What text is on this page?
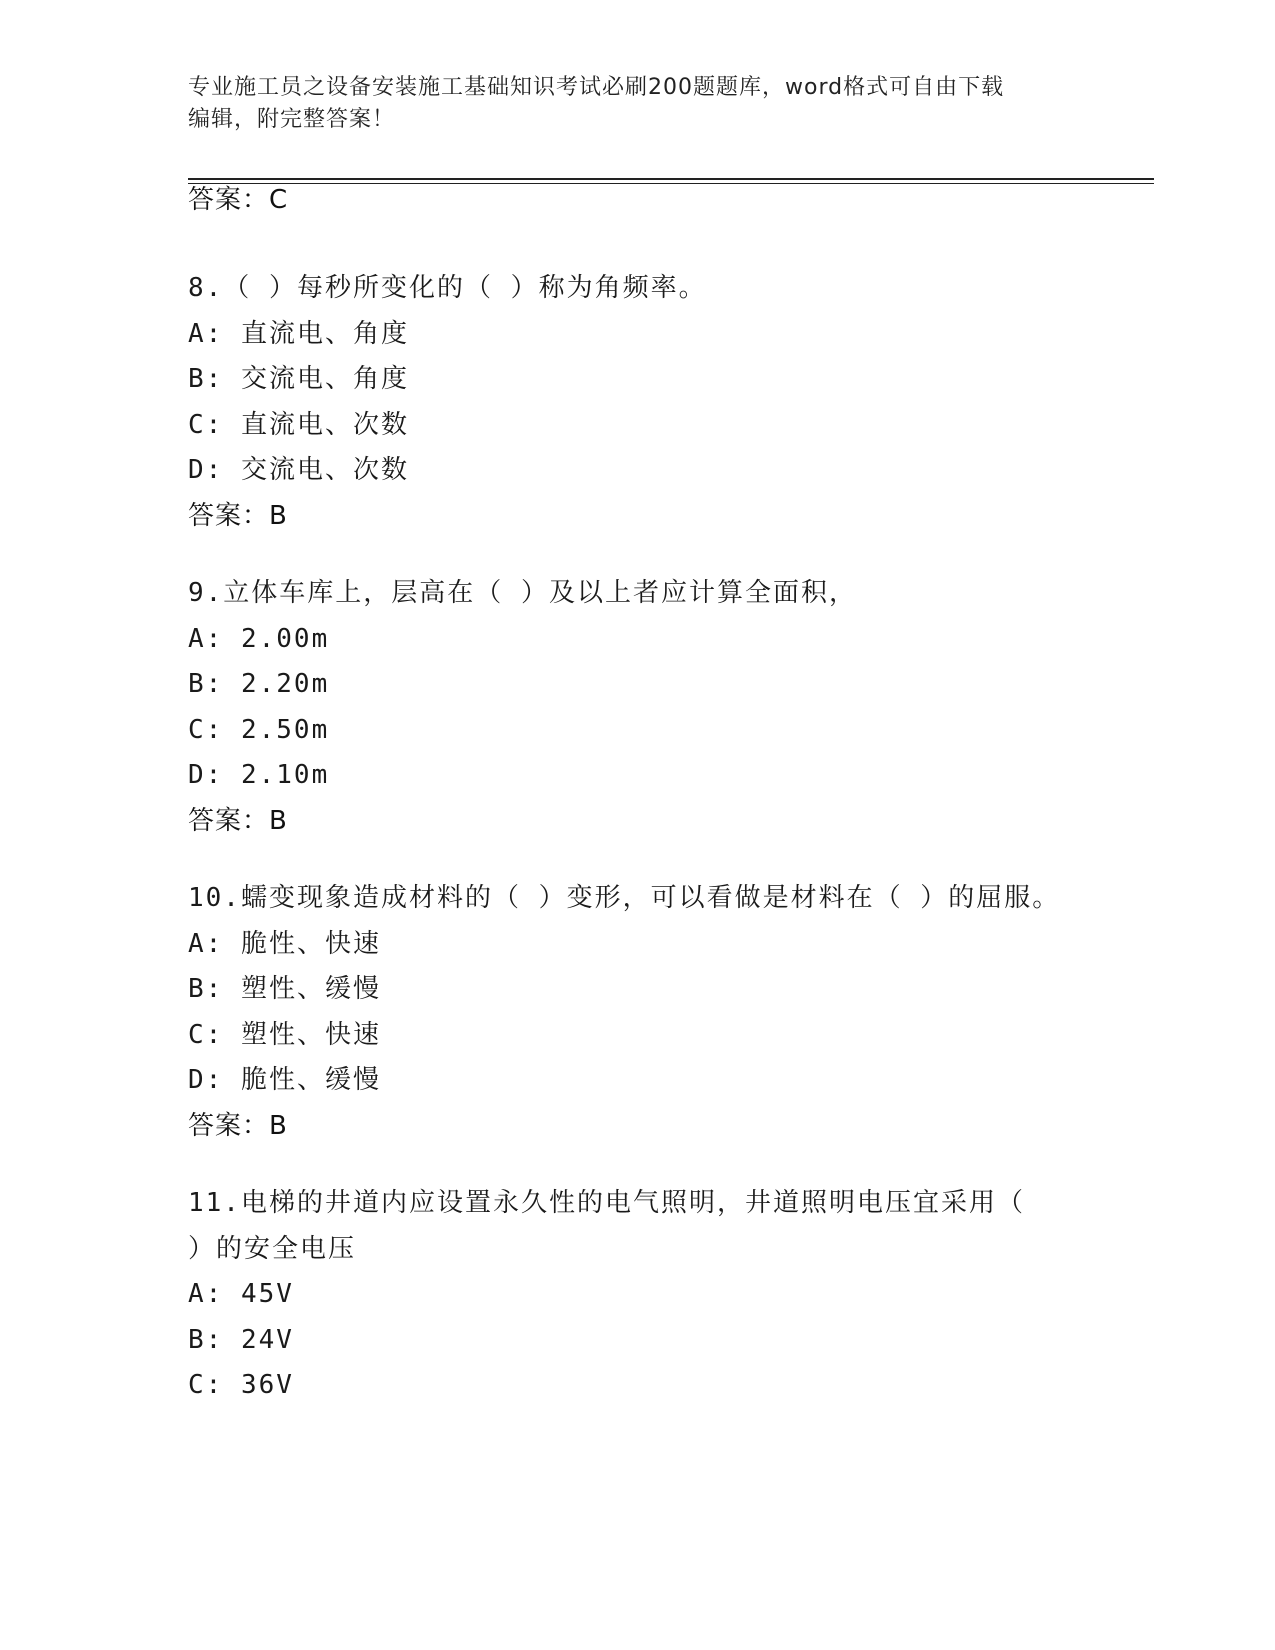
专业施工员之设备安装施工基础知识考试必刷200题题库，word格式可自由下载
编辑，附完整答案！
答案：C
8.（ ）每秒所变化的（ ）称为角频率。
A: 直流电、角度
B: 交流电、角度
C: 直流电、次数
D: 交流电、次数
答案：B
9.立体车库上，层高在（ ）及以上者应计算全面积，
A: 2.00m
B: 2.20m
C: 2.50m
D: 2.10m
答案：B
10.蠕变现象造成材料的（ ）变形，可以看做是材料在（ ）的屈服。
A: 脆性、快速
B: 塑性、缓慢
C: 塑性、快速
D: 脆性、缓慢
答案：B
11.电梯的井道内应设置永久性的电气照明，井道照明电压宜采用（
）的安全电压
A: 45V
B: 24V
C: 36V
